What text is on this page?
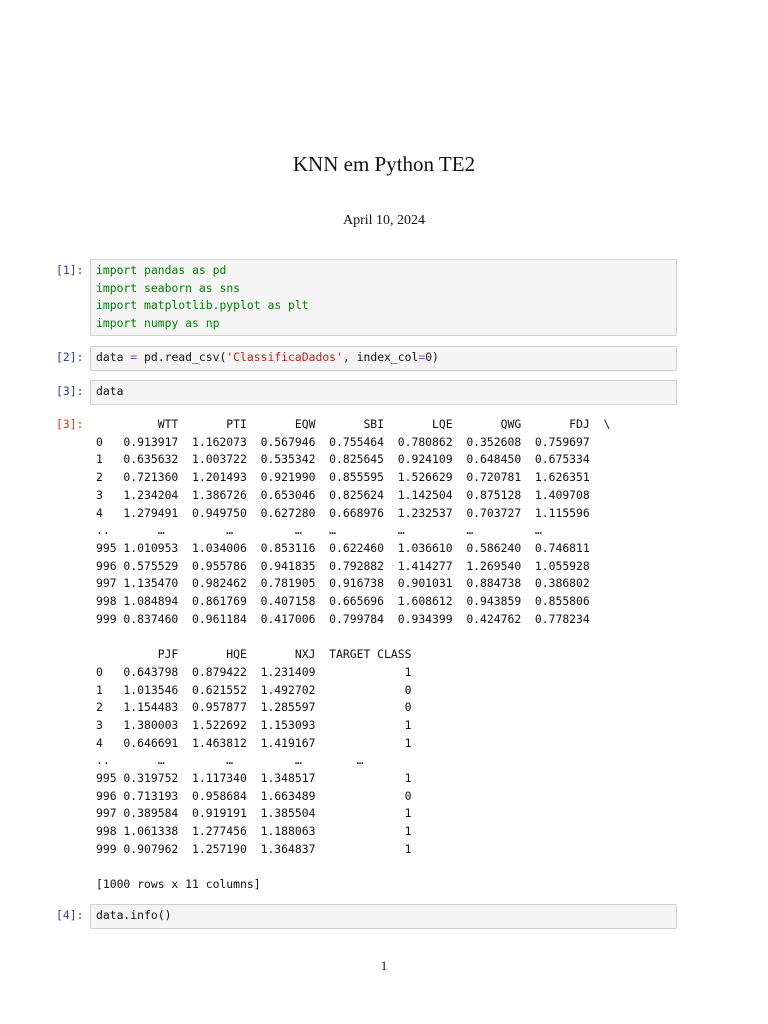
KNN em Python TE2
April 10, 2024
[1]:	import pandas as pd
import seaborn as sns
import matplotlib.pyplot as plt
import numpy as np
[2]:	data = pd.read_csv('ClassificaDados', index_col=0)
[3]:	data
[3]:	WTT       PTI       EQW       SBI       LQE       QWG       FDJ  \
0   0.913917  1.162073  0.567946  0.755464  0.780862  0.352608  0.759697
1   0.635632  1.003722  0.535342  0.825645  0.924109  0.648450  0.675334
2   0.721360  1.201493  0.921990  0.855595  1.526629  0.720781  1.626351
3   1.234204  1.386726  0.653046  0.825624  1.142504  0.875128  1.409708
4   1.279491  0.949750  0.627280  0.668976  1.232537  0.703727  1.115596
..       …         …         …    …         …         …         …
995 1.010953  1.034006  0.853116  0.622460  1.036610  0.586240  0.746811
996 0.575529  0.955786  0.941835  0.792882  1.414277  1.269540  1.055928
997 1.135470  0.982462  0.781905  0.916738  0.901031  0.884738  0.386802
998 1.084894  0.861769  0.407158  0.665696  1.608612  0.943859  0.855806
999 0.837460  0.961184  0.417006  0.799784  0.934399  0.424762  0.778234
PJF       HQE       NXJ  TARGET CLASS
0   0.643798  0.879422  1.231409             1
1   1.013546  0.621552  1.492702             0
2   1.154483  0.957877  1.285597             0
3   1.380003  1.522692  1.153093             1
4   0.646691  1.463812  1.419167             1
..       …         …         …        …
995 0.319752  1.117340  1.348517             1
996 0.713193  0.958684  1.663489             0
997 0.389584  0.919191  1.385504             1
998 1.061338  1.277456  1.188063             1
999 0.907962  1.257190  1.364837             1
[1000 rows x 11 columns]
[4]:	data.info()
1
